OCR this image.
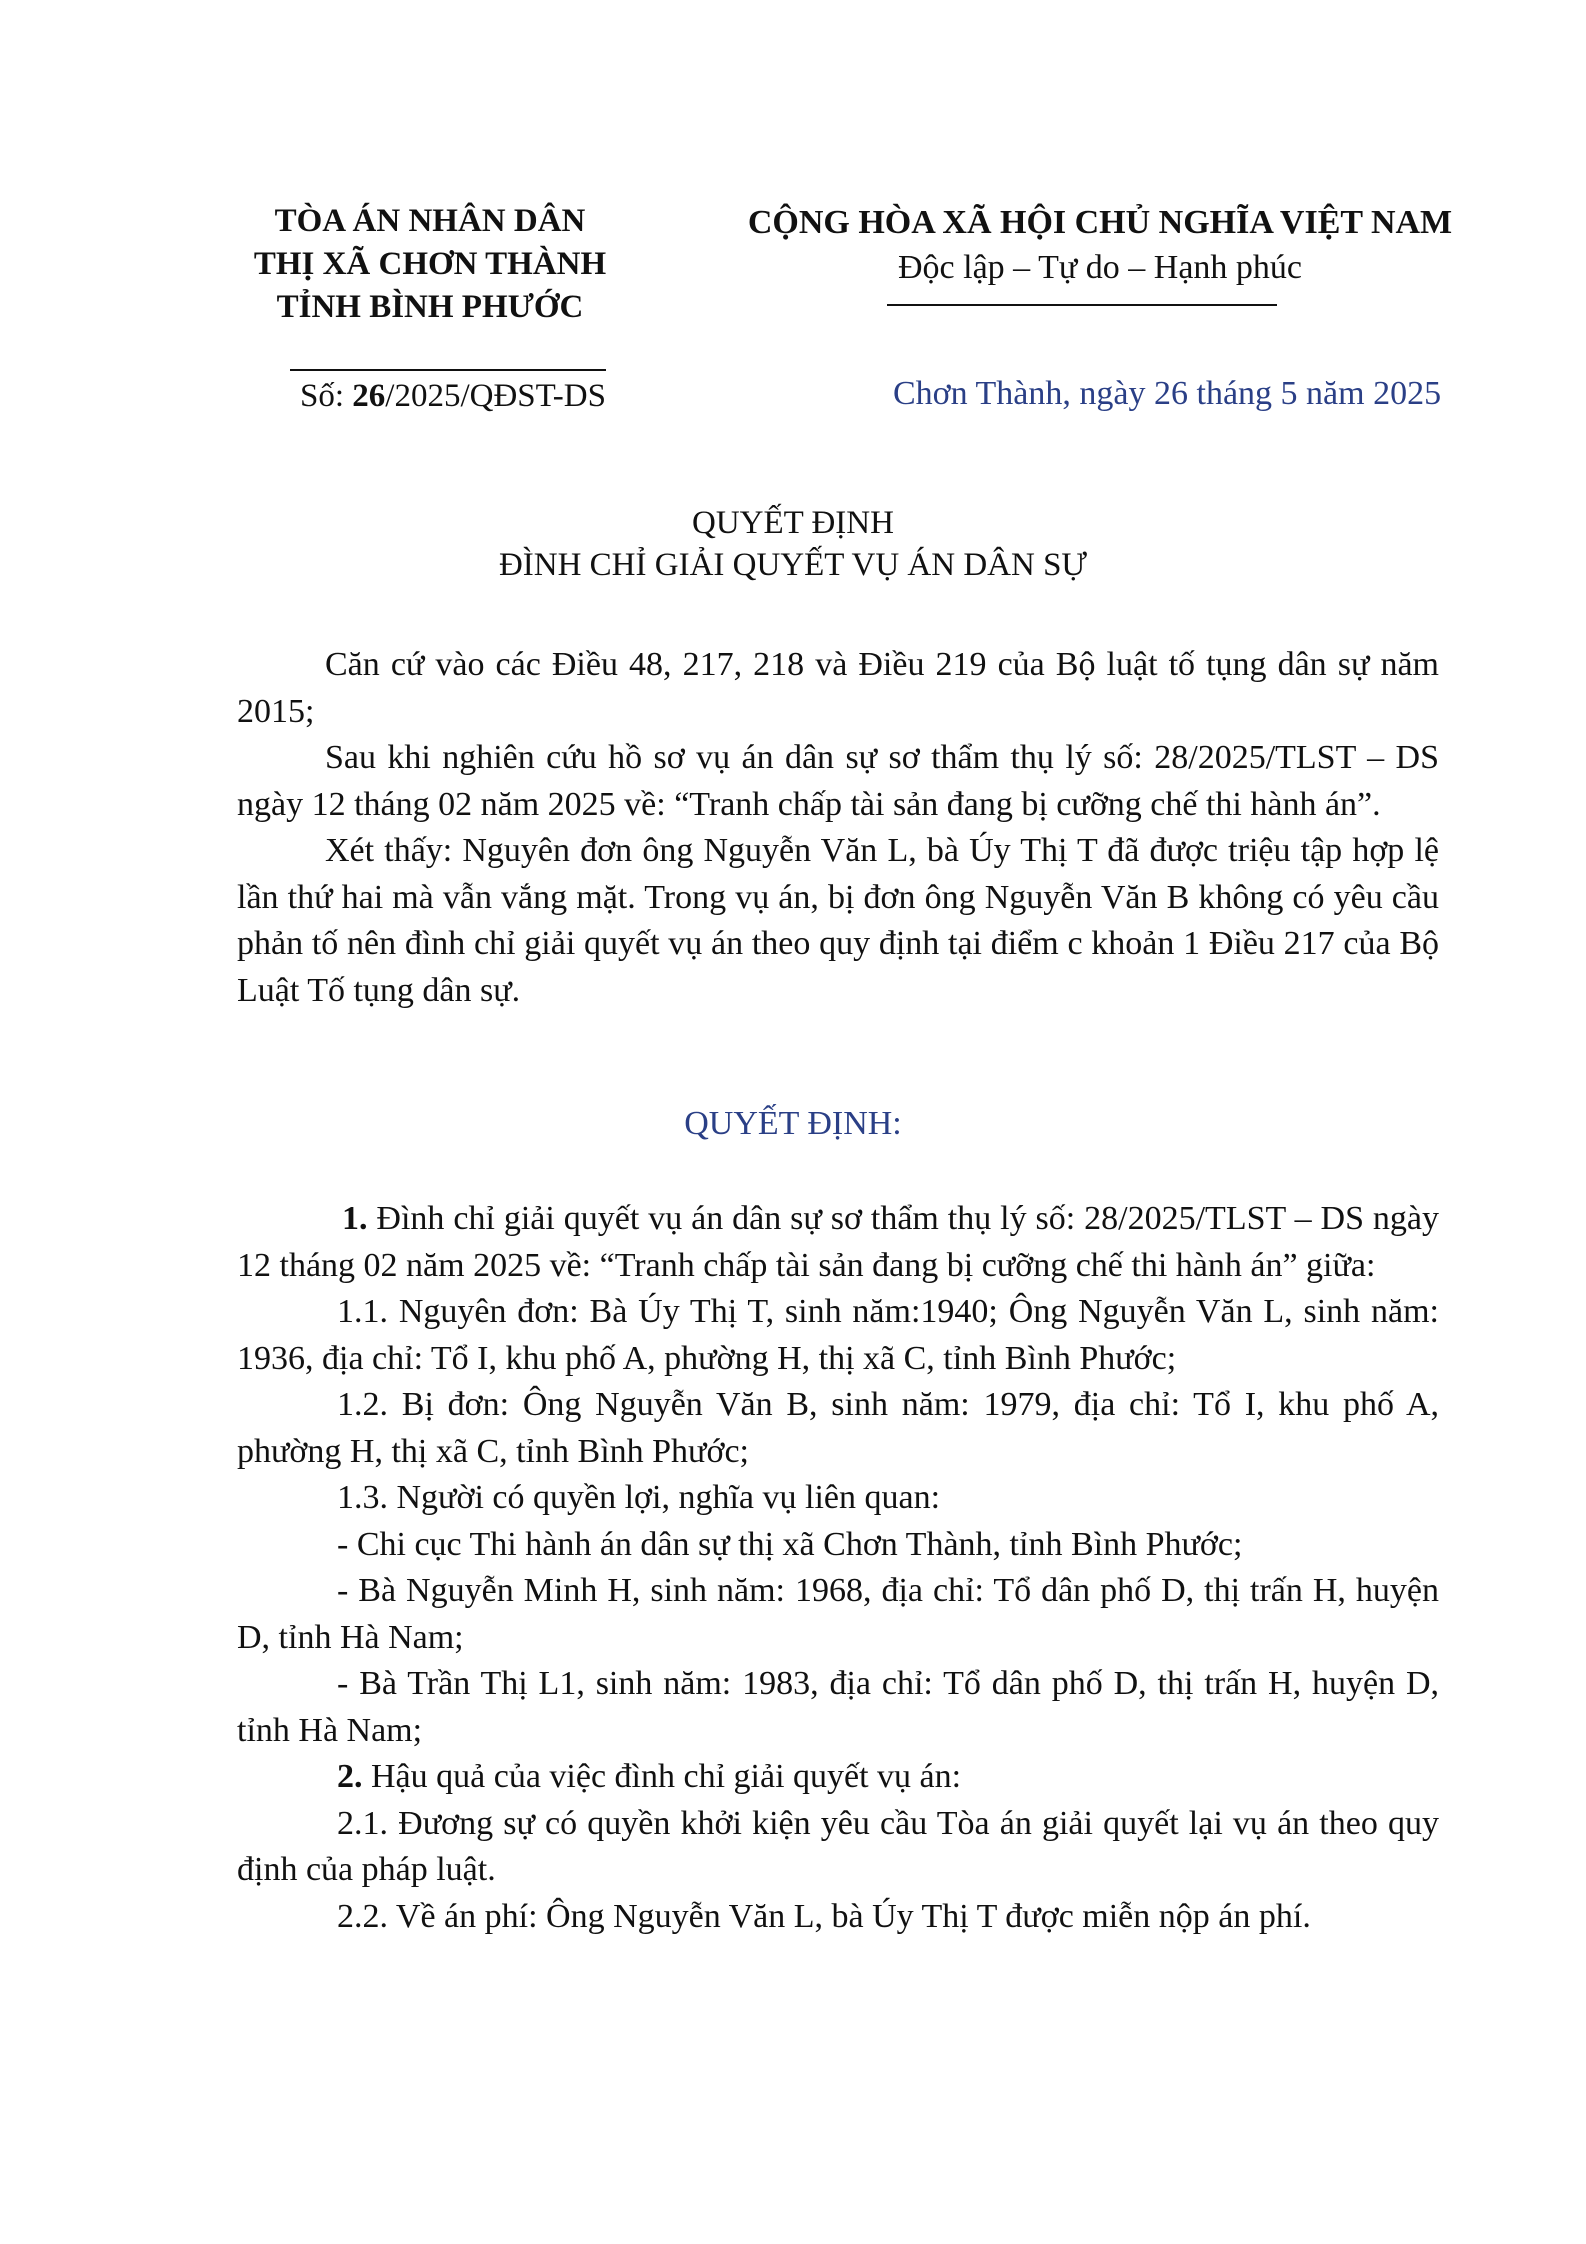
TÒA ÁN NHÂN DÂN
THỊ XÃ CHƠN THÀNH
TỈNH BÌNH PHƯỚC
Số: 26/2025/QĐST-DS
CỘNG HÒA XÃ HỘI CHỦ NGHĨA VIỆT NAM
Độc lập – Tự do – Hạnh phúc
Chơn Thành, ngày 26 tháng 5 năm 2025
QUYẾT ĐỊNH
ĐÌNH CHỈ GIẢI QUYẾT VỤ ÁN DÂN SỰ

Căn cứ vào các Điều 48, 217, 218 và Điều 219 của Bộ luật tố tụng dân sự năm 2015;

Sau khi nghiên cứu hồ sơ vụ án dân sự sơ thẩm thụ lý số: 28/2025/TLST – DS ngày 12 tháng 02 năm 2025 về: “Tranh chấp tài sản đang bị cưỡng chế thi hành án”.

Xét thấy: Nguyên đơn ông Nguyễn Văn L, bà Úy Thị T đã được triệu tập hợp lệ lần thứ hai mà vẫn vắng mặt. Trong vụ án, bị đơn ông Nguyễn Văn B không có yêu cầu phản tố nên đình chỉ giải quyết vụ án theo quy định tại điểm c khoản 1 Điều 217 của Bộ Luật Tố tụng dân sự.

QUYẾT ĐỊNH:

1. Đình chỉ giải quyết vụ án dân sự sơ thẩm thụ lý số: 28/2025/TLST – DS ngày 12 tháng 02 năm 2025 về: “Tranh chấp tài sản đang bị cưỡng chế thi hành án” giữa:

1.1. Nguyên đơn: Bà Úy Thị T, sinh năm:1940; Ông Nguyễn Văn L, sinh năm: 1936, địa chỉ: Tổ I, khu phố A, phường H, thị xã C, tỉnh Bình Phước;

1.2. Bị đơn: Ông Nguyễn Văn B, sinh năm: 1979, địa chỉ: Tổ I, khu phố A, phường H, thị xã C, tỉnh Bình Phước;

1.3. Người có quyền lợi, nghĩa vụ liên quan:

- Chi cục Thi hành án dân sự thị xã Chơn Thành, tỉnh Bình Phước;

- Bà Nguyễn Minh H, sinh năm: 1968, địa chỉ: Tổ dân phố D, thị trấn H, huyện D, tỉnh Hà Nam;

- Bà Trần Thị L1, sinh năm: 1983, địa chỉ: Tổ dân phố D, thị trấn H, huyện D, tỉnh Hà Nam;

2. Hậu quả của việc đình chỉ giải quyết vụ án:

2.1. Đương sự có quyền khởi kiện yêu cầu Tòa án giải quyết lại vụ án theo quy định của pháp luật.

2.2. Về án phí: Ông Nguyễn Văn L, bà Úy Thị T được miễn nộp án phí.
